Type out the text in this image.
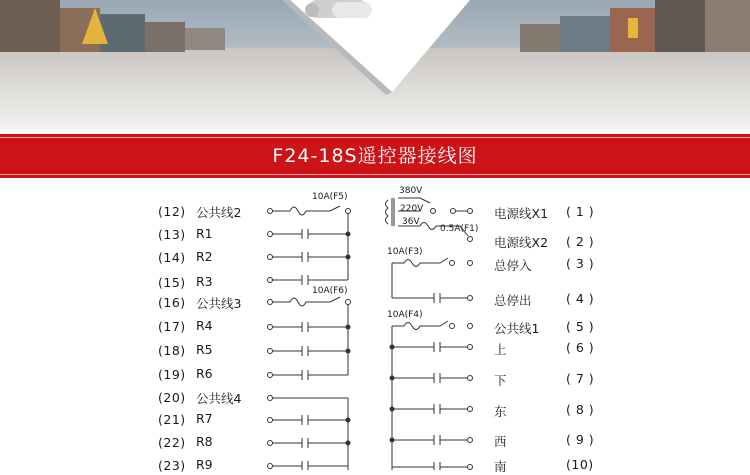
F24-18S遥控器接线图
10A(F5)
10A(F6)
10A(F3)
10A(F4)
0.5A(F1)
380V
220V
36V
(12) 公共线2
(13) R1
(14) R2
(15) R3
(16) 公共线3
(17) R4
(18) R5
(19) R6
(20) 公共线4
(21) R7
(22) R8
(23) R9
电源线X1 ( 1 )
电源线X2 ( 2 )
总停入	( 3 )
总停出	( 4 )
公共线1 ( 5 )
上	( 6 )
下	( 7 )
东	( 8 )
西	( 9 )
南	(10)
